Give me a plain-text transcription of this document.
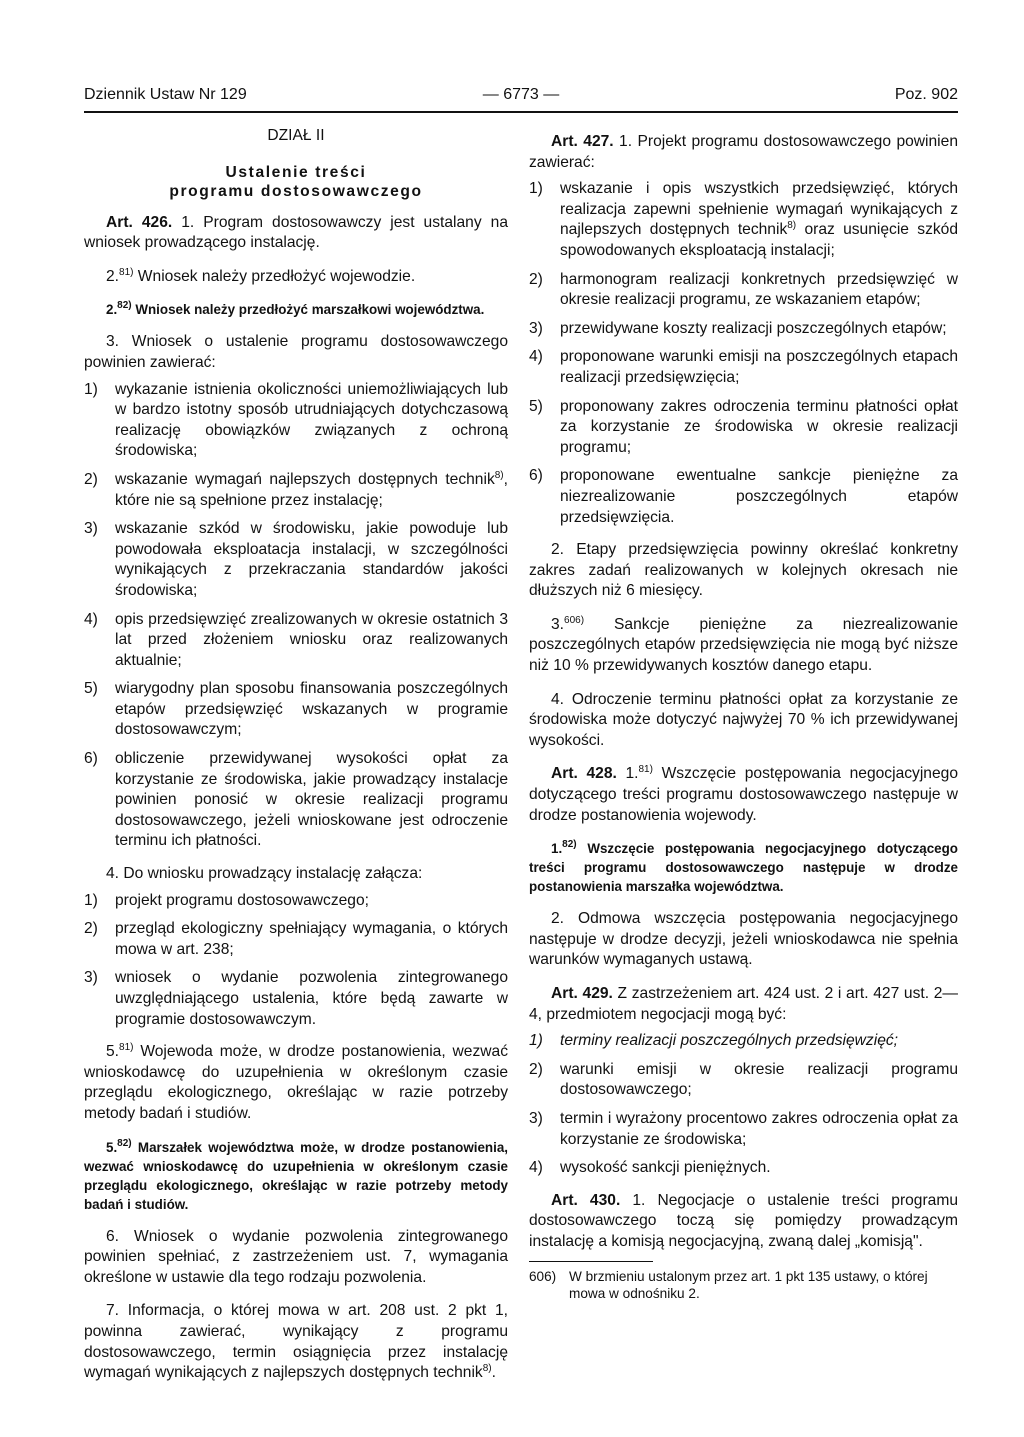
Dziennik Ustaw Nr 129	— 6773 —	Poz. 902
DZIAŁ II
Ustalenie treści
programu dostosowawczego

Art. 426. 1. Program dostosowawczy jest ustalany na wniosek prowadzącego instalację.

2.$^{81)}$ Wniosek należy przedłożyć wojewodzie.

2.$^{82)}$ Wniosek należy przedłożyć marszałkowi województwa.

3. Wniosek o ustalenie programu dostosowawczego powinien zawierać:

1) wykazanie istnienia okoliczności uniemożliwiających lub w bardzo istotny sposób utrudniających dotychczasową realizację obowiązków związanych z ochroną środowiska;
2) wskazanie wymagań najlepszych dostępnych technik$^{8)}$, które nie są spełnione przez instalację;
3) wskazanie szkód w środowisku, jakie powoduje lub powodowała eksploatacja instalacji, w szczególności wynikających z przekraczania standardów jakości środowiska;
4) opis przedsięwzięć zrealizowanych w okresie ostatnich 3 lat przed złożeniem wniosku oraz realizowanych aktualnie;
5) wiarygodny plan sposobu finansowania poszczególnych etapów przedsięwzięć wskazanych w programie dostosowawczym;
6) obliczenie przewidywanej wysokości opłat za korzystanie ze środowiska, jakie prowadzący instalacje powinien ponosić w okresie realizacji programu dostosowawczego, jeżeli wnioskowane jest odroczenie terminu ich płatności.

4. Do wniosku prowadzący instalację załącza:

1) projekt programu dostosowawczego;
2) przegląd ekologiczny spełniający wymagania, o których mowa w art. 238;
3) wniosek o wydanie pozwolenia zintegrowanego uwzględniającego ustalenia, które będą zawarte w programie dostosowawczym.

5.$^{81)}$ Wojewoda może, w drodze postanowienia, wezwać wnioskodawcę do uzupełnienia w określonym czasie przeglądu ekologicznego, określając w razie potrzeby metody badań i studiów.

5.$^{82)}$ Marszałek województwa może, w drodze postanowienia, wezwać wnioskodawcę do uzupełnienia w określonym czasie przeglądu ekologicznego, określając w razie potrzeby metody badań i studiów.

6. Wniosek o wydanie pozwolenia zintegrowanego powinien spełniać, z zastrzeżeniem ust. 7, wymagania określone w ustawie dla tego rodzaju pozwolenia.

7. Informacja, o której mowa w art. 208 ust. 2 pkt 1, powinna zawierać, wynikający z programu dostosowawczego, termin osiągnięcia przez instalację wymagań wynikających z najlepszych dostępnych technik$^{8)}$.

Art. 427. 1. Projekt programu dostosowawczego powinien zawierać:

1) wskazanie i opis wszystkich przedsięwzięć, których realizacja zapewni spełnienie wymagań wynikających z najlepszych dostępnych technik$^{8)}$ oraz usunięcie szkód spowodowanych eksploatacją instalacji;
2) harmonogram realizacji konkretnych przedsięwzięć w okresie realizacji programu, ze wskazaniem etapów;
3) przewidywane koszty realizacji poszczególnych etapów;
4) proponowane warunki emisji na poszczególnych etapach realizacji przedsięwzięcia;
5) proponowany zakres odroczenia terminu płatności opłat za korzystanie ze środowiska w okresie realizacji programu;
6) proponowane ewentualne sankcje pieniężne za niezrealizowanie poszczególnych etapów przedsięwzięcia.

2. Etapy przedsięwzięcia powinny określać konkretny zakres zadań realizowanych w kolejnych okresach nie dłuższych niż 6 miesięcy.

3.$^{606)}$ Sankcje pieniężne za niezrealizowanie poszczególnych etapów przedsięwzięcia nie mogą być niższe niż 10 % przewidywanych kosztów danego etapu.

4. Odroczenie terminu płatności opłat za korzystanie ze środowiska może dotyczyć najwyżej 70 % ich przewidywanej wysokości.

Art. 428. 1.$^{81)}$ Wszczęcie postępowania negocjacyjnego dotyczącego treści programu dostosowawczego następuje w drodze postanowienia wojewody.

1.$^{82)}$ Wszczęcie postępowania negocjacyjnego dotyczącego treści programu dostosowawczego następuje w drodze postanowienia marszałka województwa.

2. Odmowa wszczęcia postępowania negocjacyjnego następuje w drodze decyzji, jeżeli wnioskodawca nie spełnia warunków wymaganych ustawą.

Art. 429. Z zastrzeżeniem art. 424 ust. 2 i art. 427 ust. 2—4, przedmiotem negocjacji mogą być:

1) terminy realizacji poszczególnych przedsięwzięć;
2) warunki emisji w okresie realizacji programu dostosowawczego;
3) termin i wyrażony procentowo zakres odroczenia opłat za korzystanie ze środowiska;
4) wysokość sankcji pieniężnych.

Art. 430. 1. Negocjacje o ustalenie treści programu dostosowawczego toczą się pomiędzy prowadzącym instalację a komisją negocjacyjną, zwaną dalej „komisją".

606) W brzmieniu ustalonym przez art. 1 pkt 135 ustawy, o której mowa w odnośniku 2.
